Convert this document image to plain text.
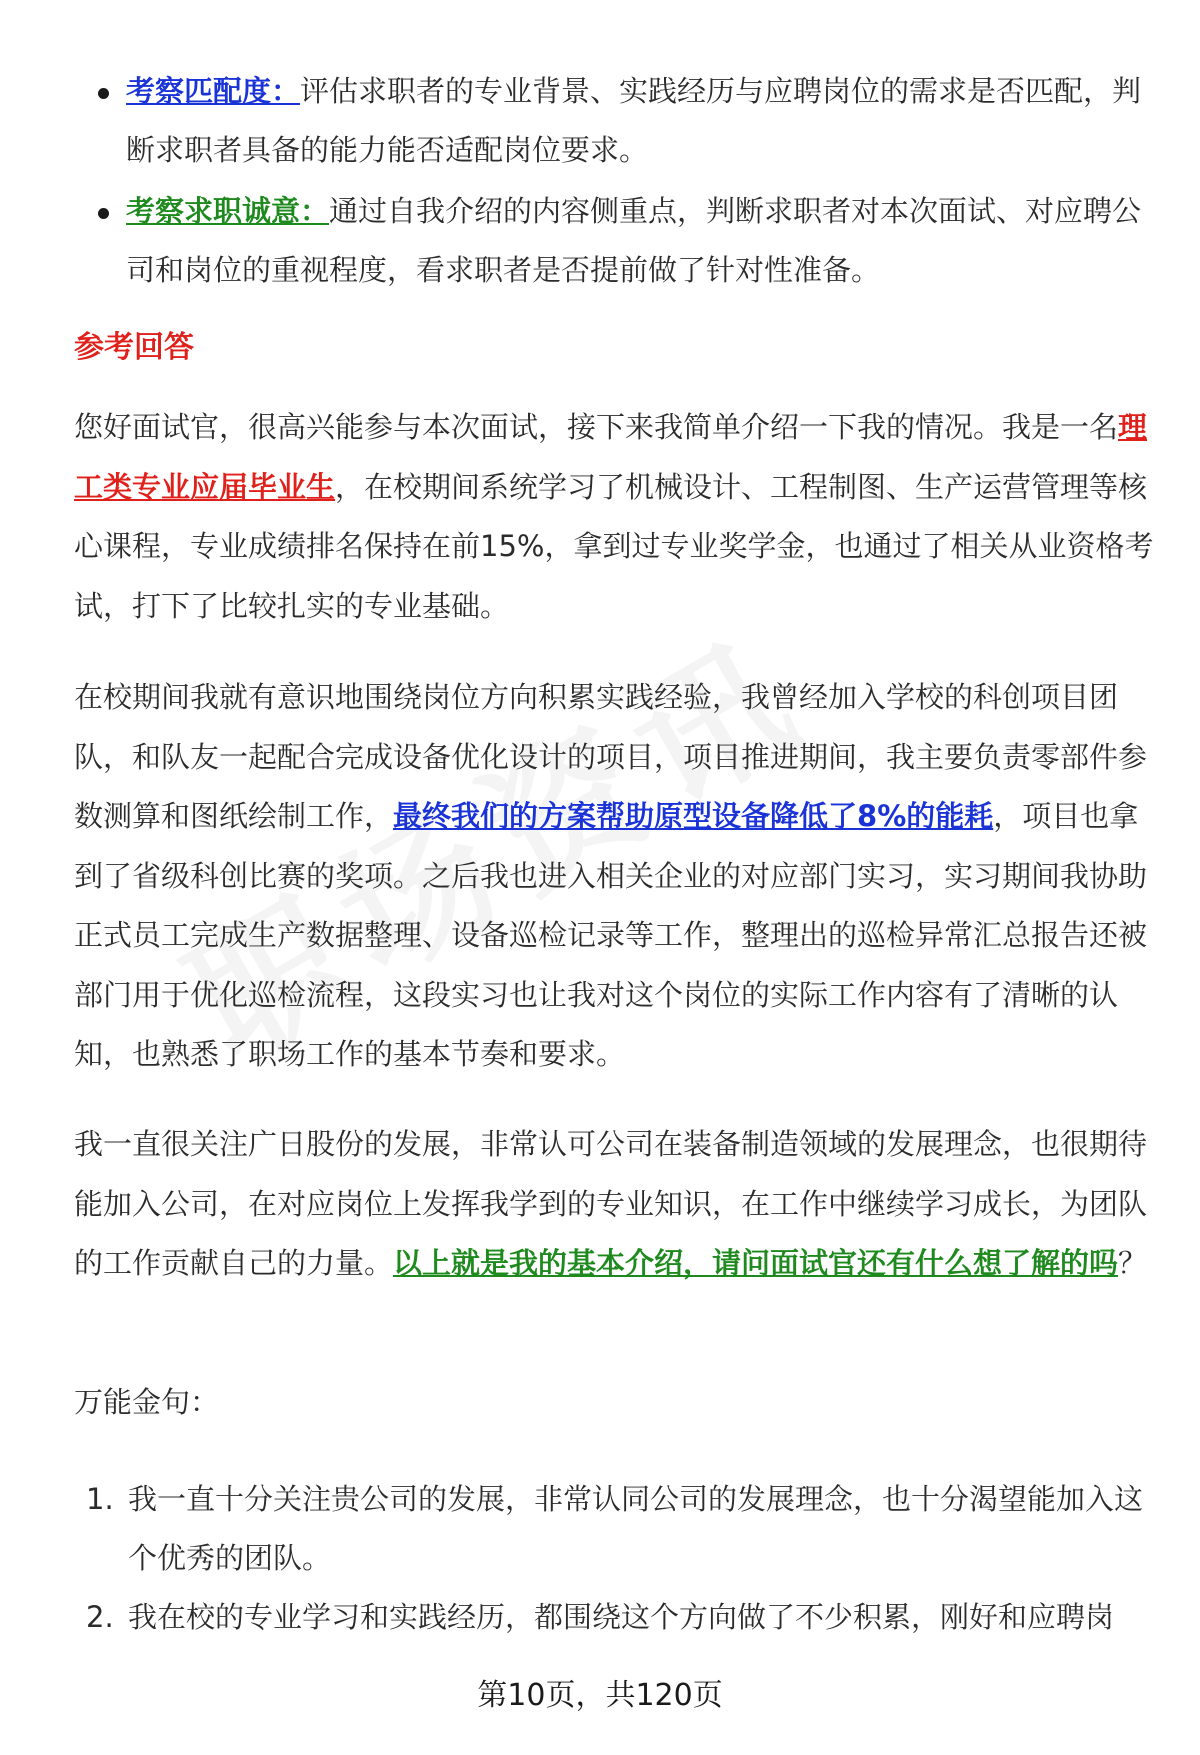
考察匹配度：评估求职者的专业背景、实践经历与应聘岗位的需求是否匹配，判断求职者具备的能力能否适配岗位要求。
考察求职诚意：通过自我介绍的内容侧重点，判断求职者对本次面试、对应聘公司和岗位的重视程度，看求职者是否提前做了针对性准备。
参考回答

您好面试官，很高兴能参与本次面试，接下来我简单介绍一下我的情况。我是一名理工类专业应届毕业生，在校期间系统学习了机械设计、工程制图、生产运营管理等核心课程，专业成绩排名保持在前15%，拿到过专业奖学金，也通过了相关从业资格考试，打下了比较扎实的专业基础。

在校期间我就有意识地围绕岗位方向积累实践经验，我曾经加入学校的科创项目团队，和队友一起配合完成设备优化设计的项目，项目推进期间，我主要负责零部件参数测算和图纸绘制工作，最终我们的方案帮助原型设备降低了8%的能耗，项目也拿到了省级科创比赛的奖项。之后我也进入相关企业的对应部门实习，实习期间我协助正式员工完成生产数据整理、设备巡检记录等工作，整理出的巡检异常汇总报告还被部门用于优化巡检流程，这段实习也让我对这个岗位的实际工作内容有了清晰的认知，也熟悉了职场工作的基本节奏和要求。

我一直很关注广日股份的发展，非常认可公司在装备制造领域的发展理念，也很期待能加入公司，在对应岗位上发挥我学到的专业知识，在工作中继续学习成长，为团队的工作贡献自己的力量。以上就是我的基本介绍，请问面试官还有什么想了解的吗？

万能金句：
1. 我一直十分关注贵公司的发展，非常认同公司的发展理念，也十分渴望能加入这个优秀的团队。
2. 我在校的专业学习和实践经历，都围绕这个方向做了不少积累，刚好和应聘岗
第10页，共120页
